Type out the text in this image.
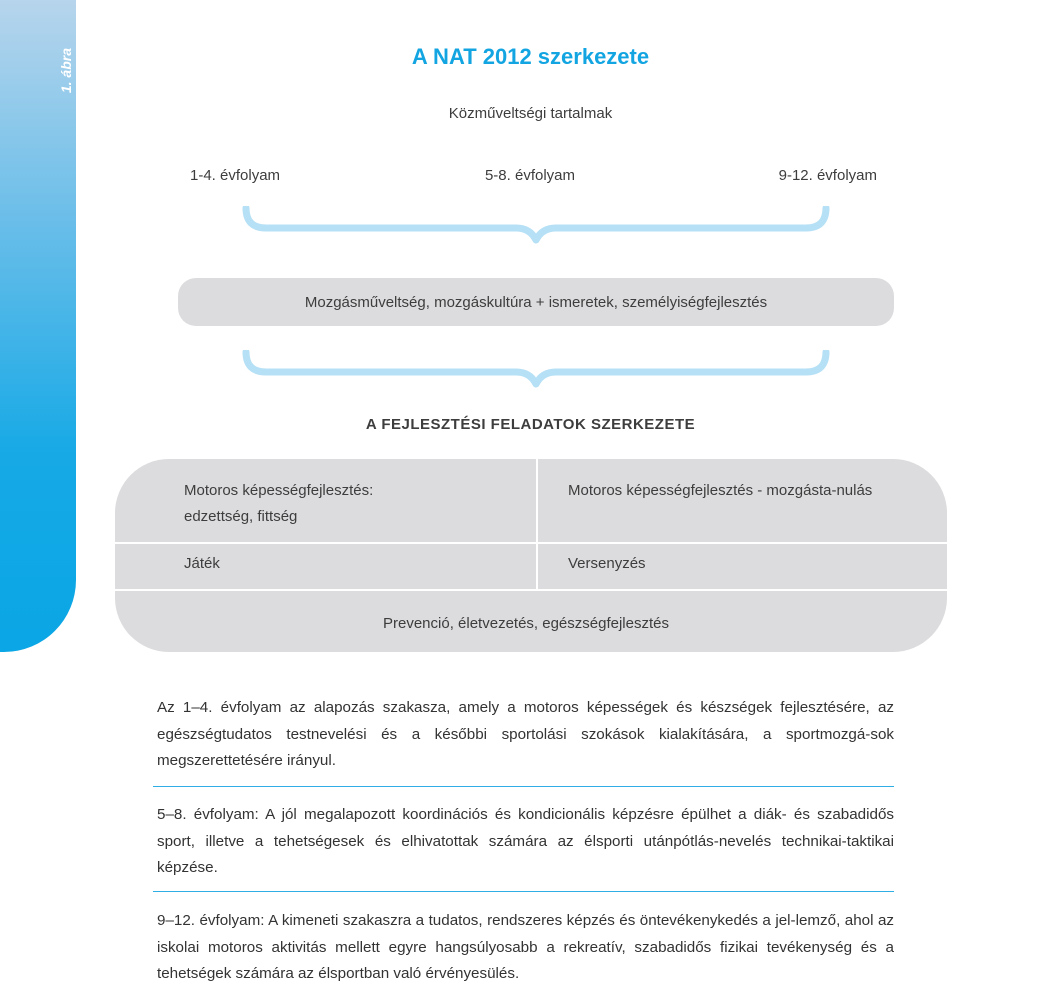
1. ábra A NAT 2012 közműveltségi tartalom szerkezete	A NAT 2012 szerkezete
Közműveltségi tartalmak
1-4. évfolyam	5-8. évfolyam	9-12. évfolyam
Mozgásműveltség, mozgáskultúra + ismeretek, személyiségfejlesztés
A FEJLESZTÉSI FELADATOK SZERKEZETE
Motoros képességfejlesztés:
edzettség, fittség
Motoros képességfejlesztés - mozgásta-nulás
Játék	Versenyzés
Prevenció, életvezetés, egészségfejlesztés
Az 1–4. évfolyam az alapozás szakasza, amely a motoros képességek és készségek fejlesztésére, az egészségtudatos testnevelési és a későbbi sportolási szokások kialakítására, a sportmozgá-sok megszerettetésére irányul.
5–8. évfolyam: A jól megalapozott koordinációs és kondicionális képzésre épülhet a diák- és szabadidős sport, illetve a tehetségesek és elhivatottak számára az élsporti utánpótlás-nevelés technikai-taktikai képzése.
9–12. évfolyam: A kimeneti szakaszra a tudatos, rendszeres képzés és öntevékenykedés a jel-lemző, ahol az iskolai motoros aktivitás mellett egyre hangsúlyosabb a rekreatív, szabadidős fizikai tevékenység és a tehetségek számára az élsportban való érvényesülés.
